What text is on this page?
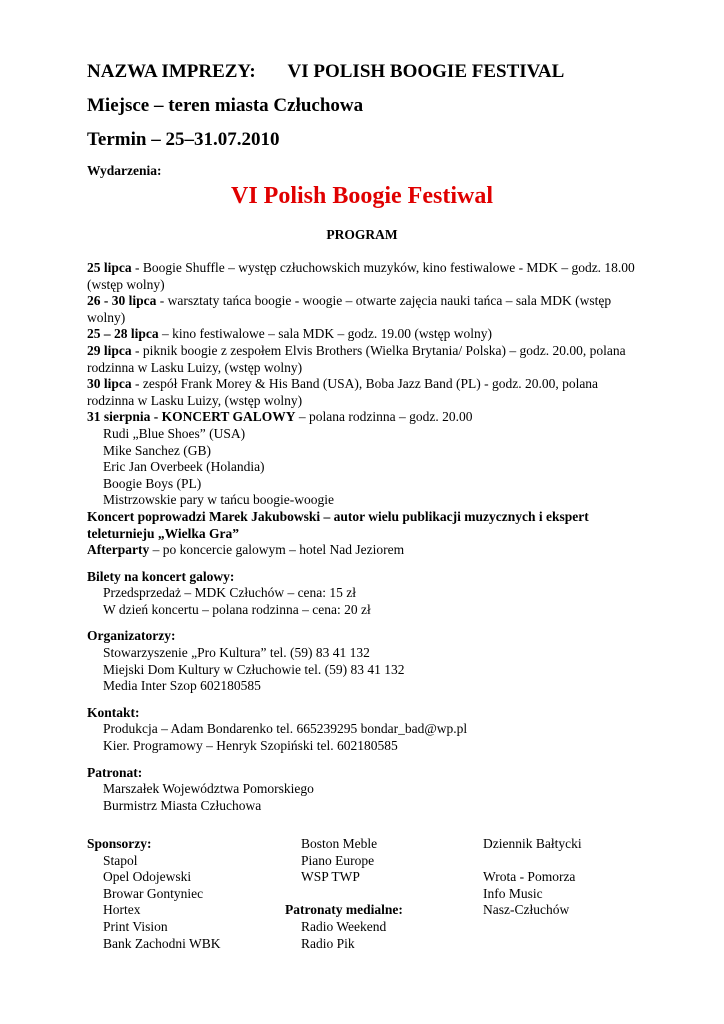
NAZWA IMPREZY: VI POLISH BOOGIE FESTIVAL
Miejsce – teren miasta Człuchowa
Termin – 25–31.07.2010
Wydarzenia:
VI Polish Boogie Festiwal
PROGRAM
25 lipca - Boogie Shuffle – występ człuchowskich muzyków, kino festiwalowe - MDK – godz. 18.00 (wstęp wolny)
26 - 30 lipca - warsztaty tańca boogie - woogie – otwarte zajęcia nauki tańca – sala MDK (wstęp wolny)
25 – 28 lipca – kino festiwalowe – sala MDK – godz. 19.00 (wstęp wolny)
29 lipca - piknik boogie z zespołem Elvis Brothers (Wielka Brytania/ Polska) – godz. 20.00, polana rodzinna w Lasku Luizy, (wstęp wolny)
30 lipca - zespół Frank Morey & His Band (USA), Boba Jazz Band (PL) - godz. 20.00, polana rodzinna w Lasku Luizy, (wstęp wolny)
31 sierpnia - KONCERT GALOWY – polana rodzinna – godz. 20.00
Rudi „Blue Shoes” (USA)
Mike Sanchez (GB)
Eric Jan Overbeek (Holandia)
Boogie Boys (PL)
Mistrzowskie pary w tańcu boogie-woogie
Koncert poprowadzi Marek Jakubowski – autor wielu publikacji muzycznych i ekspert teleturnieju „Wielka Gra”
Afterparty – po koncercie galowym – hotel Nad Jeziorem
Bilety na koncert galowy:
Przedsprzedaż – MDK Człuchów – cena: 15 zł
W dzień koncertu – polana rodzinna – cena: 20 zł
Organizatorzy:
Stowarzyszenie „Pro Kultura” tel. (59) 83 41 132
Miejski Dom Kultury w Człuchowie tel. (59) 83 41 132
Media Inter Szop 602180585
Kontakt:
Produkcja – Adam Bondarenko tel. 665239295 bondar_bad@wp.pl
Kier. Programowy – Henryk Szopiński tel. 602180585
Patronat:
Marszałek Województwa Pomorskiego
Burmistrz Miasta Człuchowa
Sponsorzy:
Stapol
Opel Odojewski
Browar Gontyniec
Hortex
Print Vision
Bank Zachodni WBK
Boston Meble
Piano Europe
WSP TWP

Patronaty medialne:
Radio Weekend
Radio Pik
Dziennik Bałtycki

Wrota - Pomorza
Info Music
Nasz-Człuchów
